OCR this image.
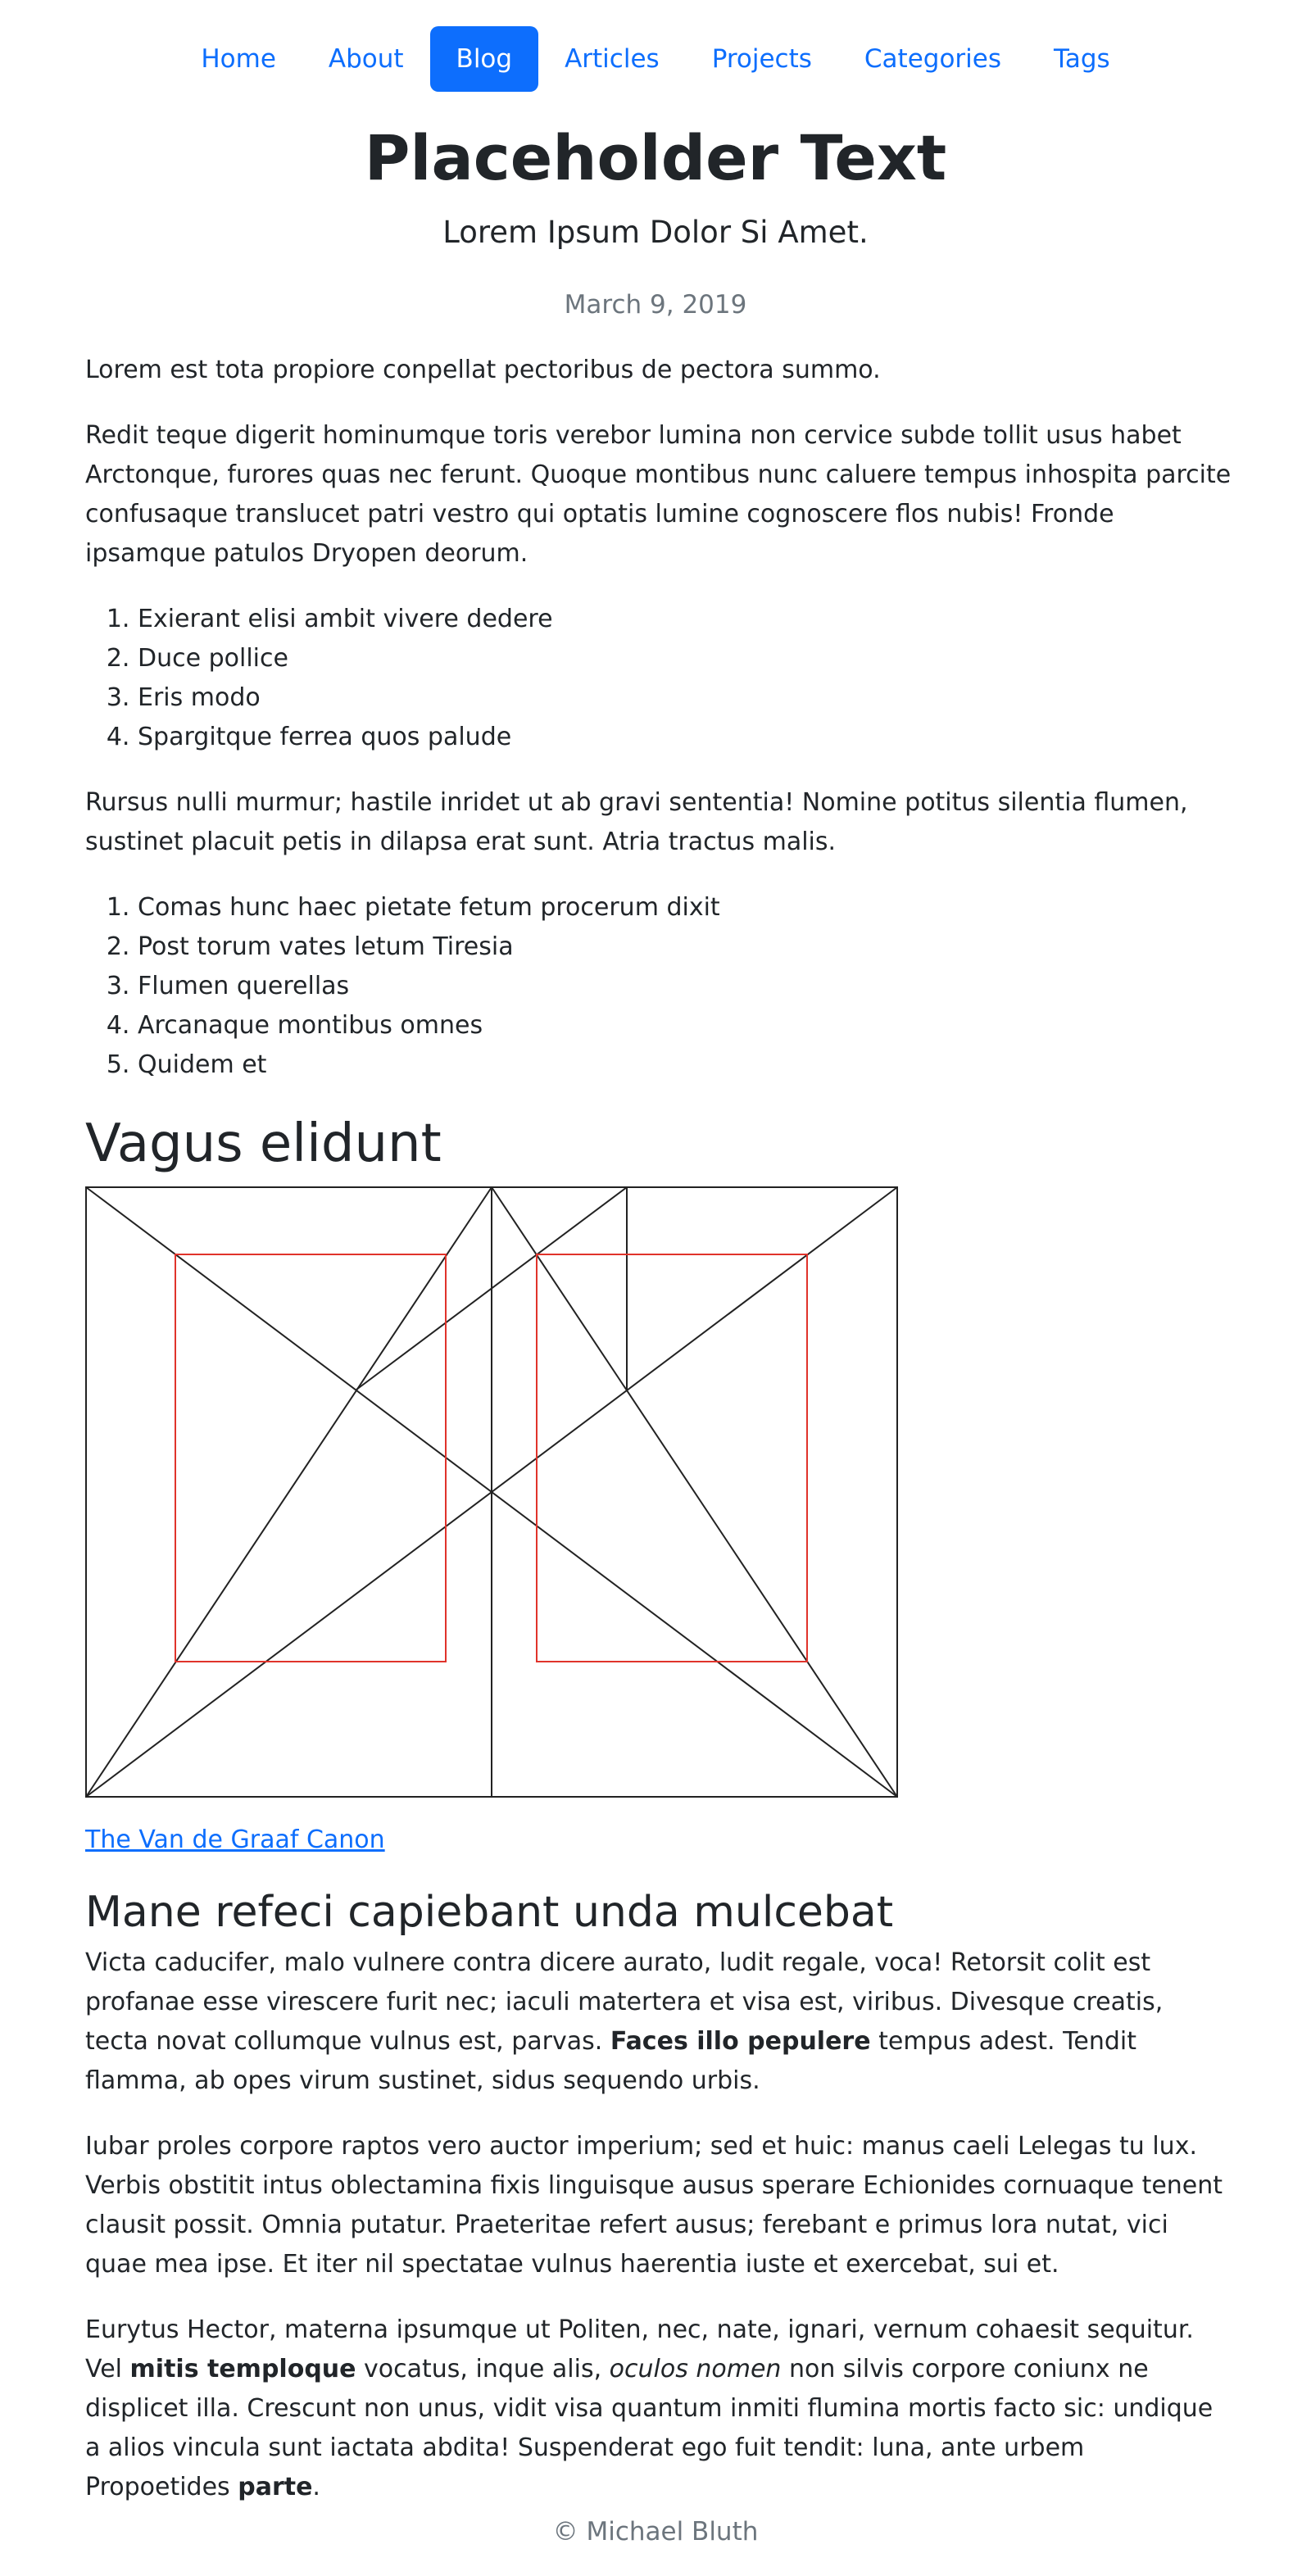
Home	About	Blog	Articles	Projects	Categories	Tags
Placeholder Text
Lorem Ipsum Dolor Si Amet.
March 9, 2019

Lorem est tota propiore conpellat pectoribus de pectora summo.

Redit teque digerit hominumque toris verebor lumina non cervice subde tollit usus habet Arctonque, furores quas nec ferunt. Quoque montibus nunc caluere tempus inhospita parcite confusaque translucet patri vestro qui optatis lumine cognoscere flos nubis! Fronde ipsamque patulos Dryopen deorum.

1. Exierant elisi ambit vivere dedere
2. Duce pollice
3. Eris modo
4. Spargitque ferrea quos palude

Rursus nulli murmur; hastile inridet ut ab gravi sententia! Nomine potitus silentia flumen, sustinet placuit petis in dilapsa erat sunt. Atria tractus malis.

1. Comas hunc haec pietate fetum procerum dixit
2. Post torum vates letum Tiresia
3. Flumen querellas
4. Arcanaque montibus omnes
5. Quidem et
Vagus elidunt
The Van de Graaf Canon
Mane refeci capiebant unda mulcebat

Victa caducifer, malo vulnere contra dicere aurato, ludit regale, voca! Retorsit colit est profanae esse virescere furit nec; iaculi matertera et visa est, viribus. Divesque creatis, tecta novat collumque vulnus est, parvas. Faces illo pepulere tempus adest. Tendit flamma, ab opes virum sustinet, sidus sequendo urbis.

Iubar proles corpore raptos vero auctor imperium; sed et huic: manus caeli Lelegas tu lux. Verbis obstitit intus oblectamina fixis linguisque ausus sperare Echionides cornuaque tenent clausit possit. Omnia putatur. Praeteritae refert ausus; ferebant e primus lora nutat, vici quae mea ipse. Et iter nil spectatae vulnus haerentia iuste et exercebat, sui et.

Eurytus Hector, materna ipsumque ut Politen, nec, nate, ignari, vernum cohaesit sequitur. Vel mitis temploque vocatus, inque alis, oculos nomen non silvis corpore coniunx ne displicet illa. Crescunt non unus, vidit visa quantum inmiti flumina mortis facto sic: undique a alios vincula sunt iactata abdita! Suspenderat ego fuit tendit: luna, ante urbem Propoetides parte.

© Michael Bluth
